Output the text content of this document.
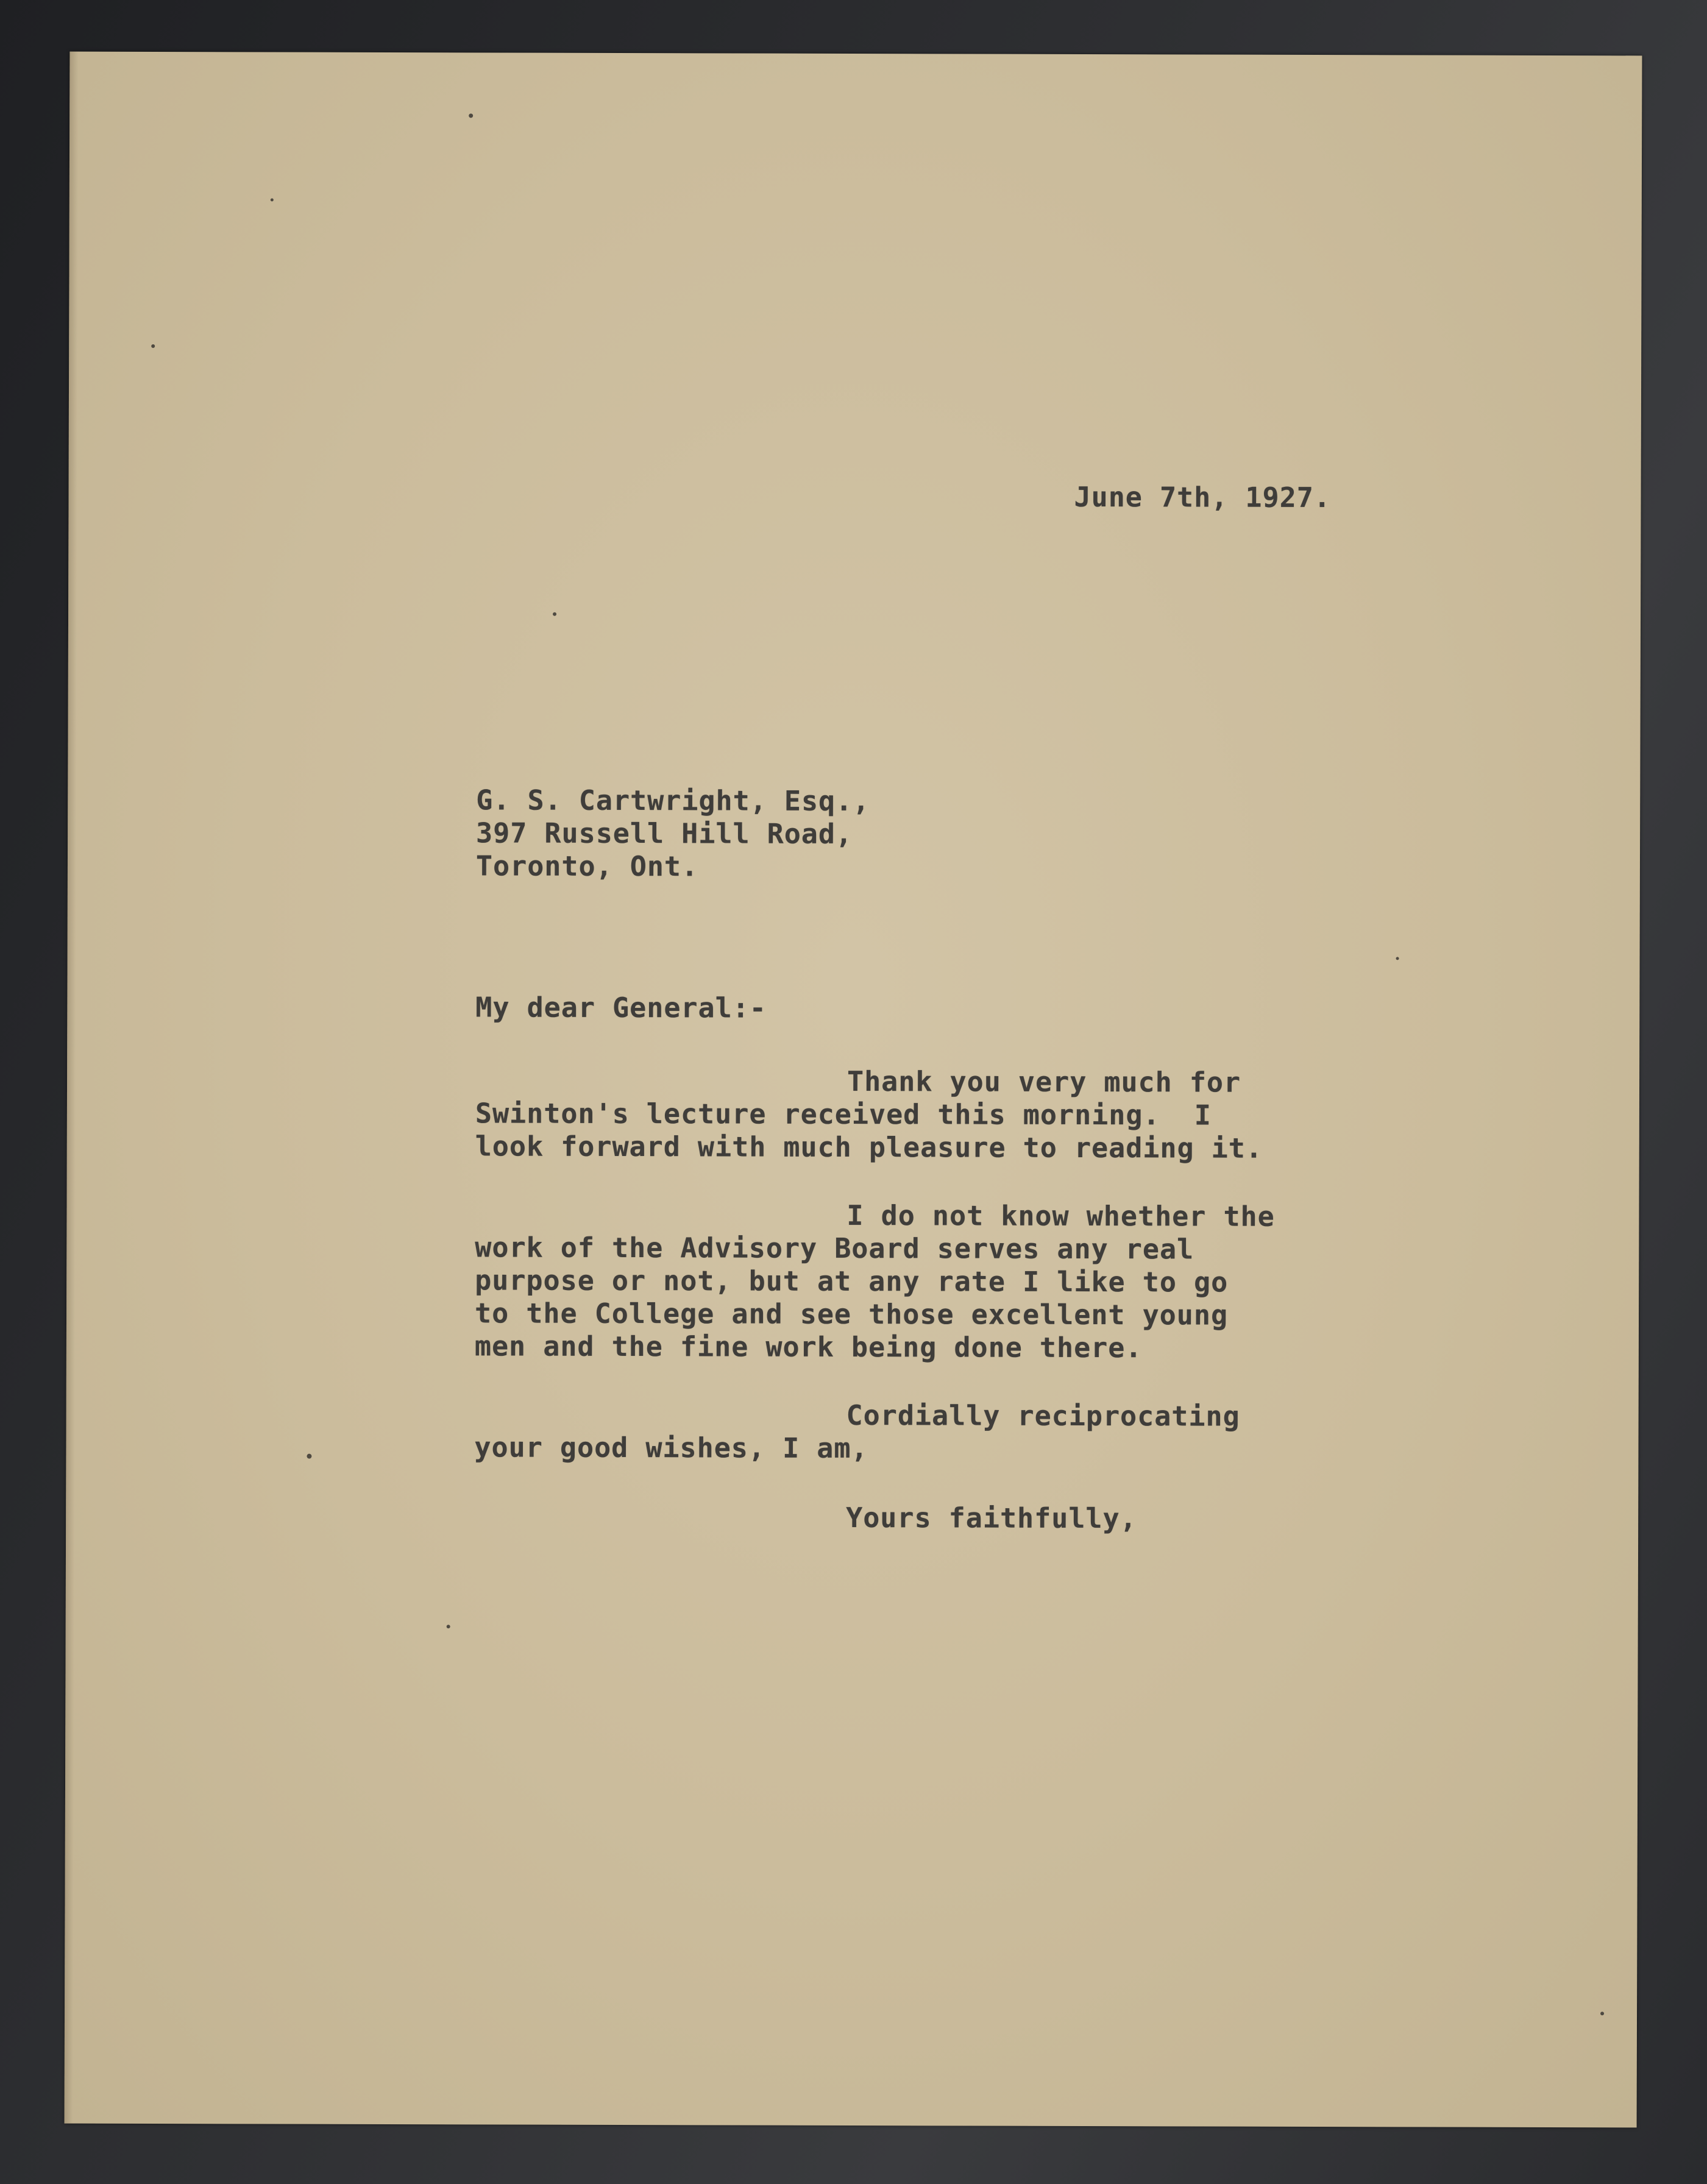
June 7th, 1927.
G. S. Cartwright, Esq.,
397 Russell Hill Road,
Toronto, Ont.
My dear General:-
Thank you very much for
Swinton's lecture received this morning.  I
look forward with much pleasure to reading it.
I do not know whether the
work of the Advisory Board serves any real
purpose or not, but at any rate I like to go
to the College and see those excellent young
men and the fine work being done there.
Cordially reciprocating
your good wishes, I am,
Yours faithfully,
